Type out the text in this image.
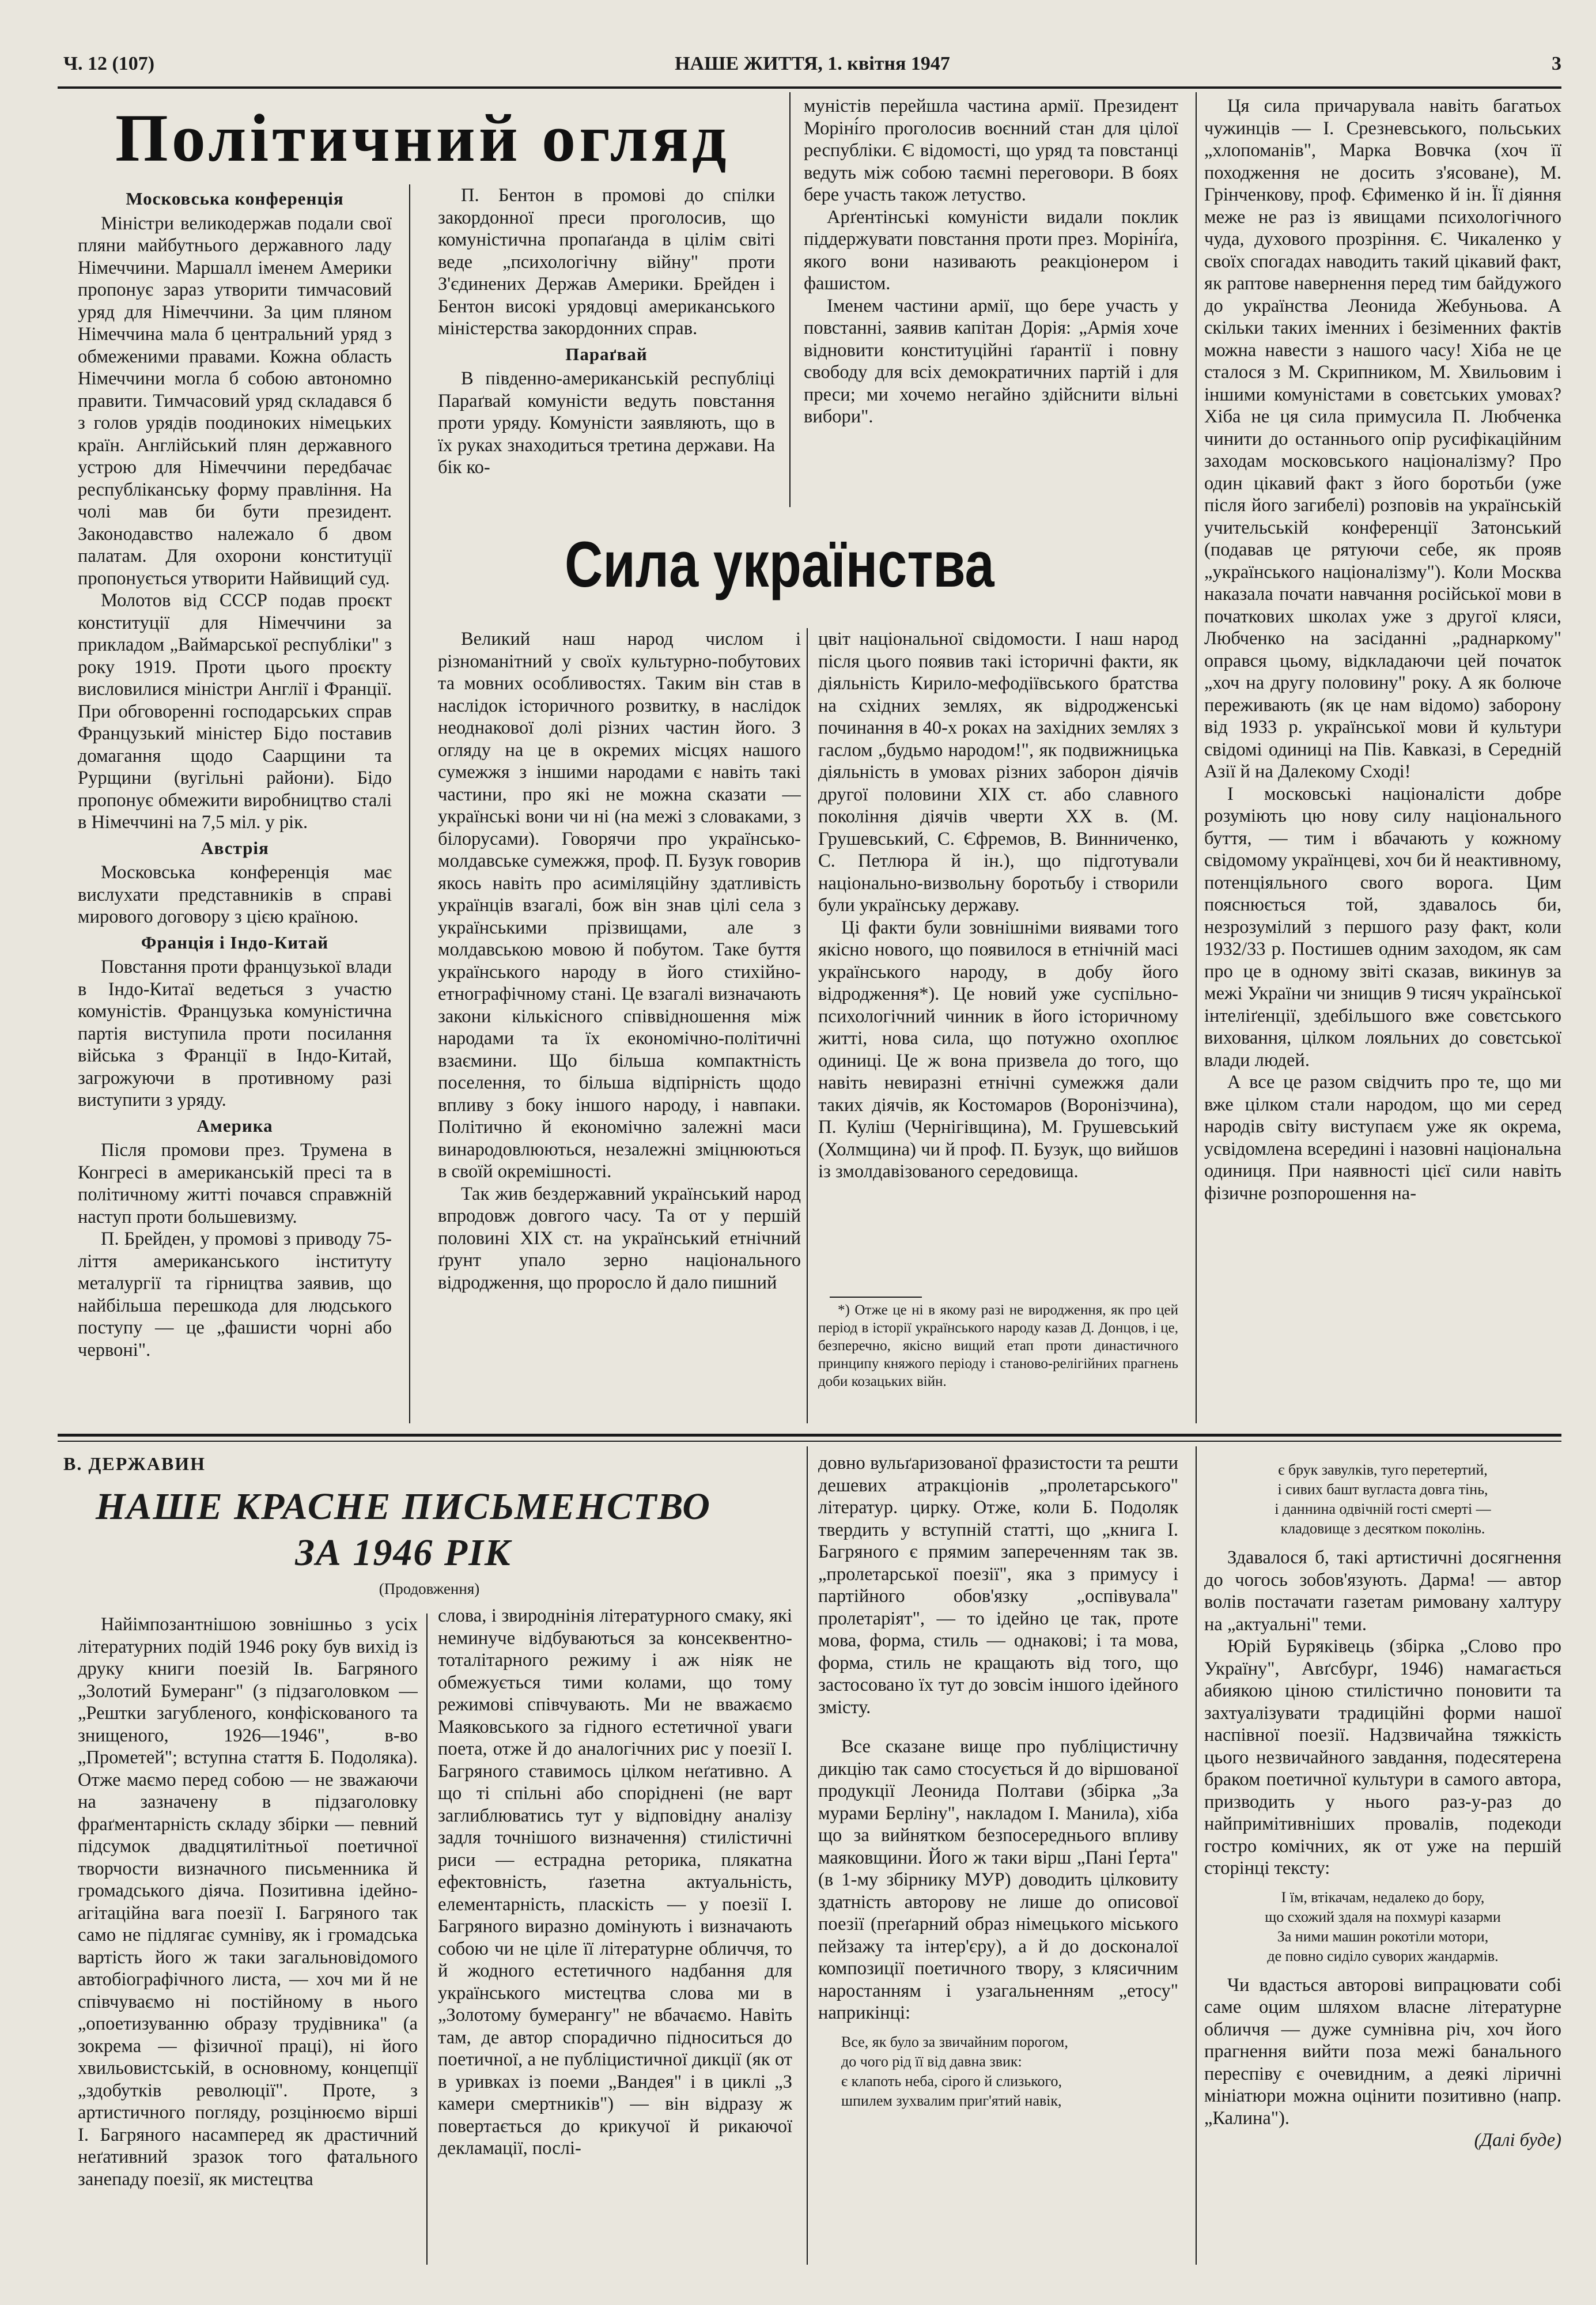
Ч. 12 (107)	НАШЕ ЖИТТЯ, 1. квітня 1947	3
Політичний огляд
Московська конференція

Міністри великодержав подали свої пляни майбутнього державного ладу Німеччини. Маршалл іменем Америки пропонує зараз утворити тимчасовий уряд для Німеччини. За цим пляном Німеччина мала б центральний уряд з обмеженими правами. Кожна область Німеччини могла б собою автономно правити. Тимчасовий уряд складався б з голов урядів поодиноких німецьких країн. Англійський плян державного устрою для Німеччини передбачає республіканську форму правління. На чолі мав би бути президент. Законодавство належало б двом палатам. Для охорони конституції пропонується утворити Найвищий суд.

Молотов від СССР подав проєкт конституції для Німеччини за прикладом „Ваймарської республіки" з року 1919. Проти цього проєкту висловилися міністри Англії і Франції. При обговоренні господарських справ Французький міністер Бідо поставив домагання щодо Саарщини та Рурщини (вугільні райони). Бідо пропонує обмежити виробництво сталі в Німеччині на 7,5 міл. у рік.

Австрія

Московська конференція має вислухати представників в справі мирового договору з цією країною.

Франція і Індо-Китай

Повстання проти французької влади в Індо-Китаї ведеться з участю комуністів. Французька комуністична партія виступила проти посилання війська з Франції в Індо-Китай, загрожуючи в противному разі виступити з уряду.

Америка

Після промови през. Трумена в Конгресі в американській пресі та в політичному житті почався справжній наступ проти большевизму.

П. Брейден, у промові з приводу 75-ліття американського інституту металургії та гірництва заявив, що найбільша перешкода для людського поступу — це „фашисти чорні або червоні".

П. Бентон в промові до спілки закордонної преси проголосив, що комуністична пропаґанда в цілім світі веде „психологічну війну" проти З'єдинених Держав Америки. Брейден і Бентон високі урядовці американського міністерства закордонних справ.

Параґвай

В південно-американській республіці Параґвай комуністи ведуть повстання проти уряду. Комуністи заявляють, що в їх руках знаходиться третина держави. На бік ко-

муністів перейшла частина армії. Президент Моріні́го проголосив воєнний стан для цілої республіки. Є відомості, що уряд та повстанці ведуть між собою таємні переговори. В боях бере участь також летуство.

Арґентінські комуністи видали поклик піддержувати повстання проти през. Моріні́ґа, якого вони називають реакціонером і фашистом.

Іменем частини армії, що бере участь у повстанні, заявив капітан Дорія: „Армія хоче відновити конституційні ґарантії і повну свободу для всіх демократичних партій і для преси; ми хочемо негайно здійснити вільні вибори".

Сила українства

Великий наш народ числом і різноманітний у своїх культурно-побутових та мовних особливостях. Таким він став в наслідок історичного розвитку, в наслідок неоднакової долі різних частин його. З огляду на це в окремих місцях нашого сумежжя з іншими народами є навіть такі частини, про які не можна сказати — українські вони чи ні (на межі з словаками, з білорусами). Говорячи про українсько-молдавське сумежжя, проф. П. Бузук говорив якось навіть про асиміляційну здатливість українців взагалі, бож він знав цілі села з українськими прізвищами, але з молдавською мовою й побутом. Таке буття українського народу в його стихійно-етнографічному стані. Це взагалі визначають закони кількісного співвідношення між народами та їх економічно-політичні взаємини. Що більша компактність поселення, то більша відпірність щодо впливу з боку іншого народу, і навпаки. Політично й економічно залежні маси винародовлюються, незалежні зміцнюються в своїй окремішності.

Так жив бездержавний український народ впродовж довгого часу. Та от у першій половині XIX ст. на український етнічний ґрунт упало зерно національного відродження, що проросло й дало пишний

цвіт національної свідомости. І наш народ після цього появив такі історичні факти, як діяльність Кирило-мефодіївського братства на східних землях, як відродженські починання в 40-х роках на західних землях з гаслом „будьмо народом!", як подвижницька діяльність в умовах різних заборон діячів другої половини XIX ст. або славного покоління діячів чверти XX в. (М. Грушевський, С. Єфремов, В. Винниченко, С. Петлюра й ін.), що підготували національно-визвольну боротьбу і створили були українську державу.

Ці факти були зовнішніми виявами того якісно нового, що появилося в етнічній масі українського народу, в добу його відродження*). Це новий уже суспільно-психологічний чинник в його історичному житті, нова сила, що потужно охоплює одиниці. Це ж вона призвела до того, що навіть невиразні етнічні сумежжя дали таких діячів, як Костомаров (Воронізчина), П. Куліш (Чернігівщина), М. Грушевський (Холмщина) чи й проф. П. Бузук, що вийшов із змолдавізованого середовища.

*) Отже це ні в якому разі не виродження, як про цей період в історії українського народу казав Д. Донцов, і це, безперечно, якісно вищий етап проти династичного принципу княжого періоду і станово-релігійних прагнень доби козацьких війн.

Ця сила причарувала навіть багатьох чужинців — І. Срезневського, польських „хлопоманів", Марка Вовчка (хоч її походження не досить з'ясоване), М. Грінченкову, проф. Єфименко й ін. Її діяння меже не раз із явищами психологічного чуда, духового прозріння. Є. Чикаленко у своїх спогадах наводить такий цікавий факт, як раптове навернення перед тим байдужого до українства Леонида Жебуньова. А скільки таких іменних і безіменних фактів можна навести з нашого часу! Хіба не це сталося з М. Скрипником, М. Хвильовим і іншими комуністами в совєтських умовах? Хіба не ця сила примусила П. Любченка чинити до останнього опір русифікаційним заходам московського націоналізму? Про один цікавий факт з його боротьби (уже після його загибелі) розповів на українській учительській конференції Затонський (подавав це рятуючи себе, як прояв „українського націоналізму"). Коли Москва наказала почати навчання російської мови в початкових школах уже з другої кляси, Любченко на засіданні „раднаркому" оправся цьому, відкладаючи цей початок „хоч на другу половину" року. А як болюче переживають (як це нам відомо) заборону від 1933 р. української мови й культури свідомі одиниці на Пів. Кавказі, в Середній Азії й на Далекому Сході!

І московські націоналісти добре розуміють цю нову силу національного буття, — тим і вбачають у кожному свідомому українцеві, хоч би й неактивному, потенціяльного свого ворога. Цим пояснюється той, здавалось би, незрозумілий з першого разу факт, коли 1932/33 р. Постишев одним заходом, як сам про це в одному звіті сказав, викинув за межі України чи знищив 9 тисяч української інтеліґенції, здебільшого вже совєтського виховання, цілком лояльних до совєтської влади людей.

А все це разом свідчить про те, що ми вже цілком стали народом, що ми серед народів світу виступаєм уже як окрема, усвідомлена всередині і назовні національна одиниця. При наявності цієї сили навіть фізичне розпорошення на-

В. ДЕРЖАВИН
НАШЕ КРАСНЕ ПИСЬМЕНСТВО
ЗА 1946 РІК
(Продовження)

Найімпозантнішою зовнішньо з усіх літературних подій 1946 року був вихід із друку книги поезій Ів. Багряного „Золотий Бумеранг" (з підзаголовком — „Рештки загубленого, конфіскованого та знищеного, 1926—1946", в-во „Прометей"; вступна стаття Б. Подоляка). Отже маємо перед собою — не зважаючи на зазначену в підзаголовку фраґментарність складу збірки — певний підсумок двадцятилітньої поетичної творчости визначного письменника й громадського діяча. Позитивна ідейно-агітаційна вага поезії І. Багряного так само не підлягає сумніву, як і громадська вартість його ж таки загальновідомого автобіографічного листа, — хоч ми й не співчуваємо ні постійному в нього „опоетизуванню образу трудівника" (а зокрема — фізичної праці), ні його хвильовистській, в основному, концепції „здобутків революції". Проте, з артистичного погляду, розцінюємо вірші І. Багряного насамперед як драстичний неґативний зразок того фатального занепаду поезії, як мистецтва

слова, і звироднінія літературного смаку, які неминуче відбуваються за консеквентно-тоталітарного режиму і аж ніяк не обмежується тими колами, що тому режимові співчувають. Ми не вважаємо Маяковського за гідного естетичної уваги поета, отже й до аналогічних рис у поезії І. Багряного ставимось цілком неґативно. А що ті спільні або споріднені (не варт заглиблюватись тут у відповідну аналізу задля точнішого визначення) стилістичні риси — естрадна реторика, плякатна ефектовність, ґазетна актуальність, елементарність, пласкість — у поезії І. Багряного виразно домінують і визначають собою чи не ціле її літературне обличчя, то й жодного естетичного надбання для українського мистецтва слова ми в „Золотому бумерангу" не вбачаємо. Навіть там, де автор спорадично підноситься до поетичної, а не публіцистичної дикції (як от в уривках із поеми „Вандея" і в циклі „З камери смертників") — він відразу ж повертається до крикучої й рикаючої декламації, послі-

довно вульґаризованої фразистости та решти дешевих атракціонів „пролетарського" літератур. цирку. Отже, коли Б. Подоляк твердить у вступній статті, що „книга І. Багряного є прямим запереченням так зв. „пролетарської поезії", яка з примусу і партійного обов'язку „оспівувала" пролетаріят", — то ідейно це так, проте мова, форма, стиль — однакові; і та мова, форма, стиль не кращають від того, що застосовано їх тут до зовсім іншого ідейного змісту.

Все сказане вище про публіцистичну дикцію так само стосується й до віршованої продукції Леонида Полтави (збірка „За мурами Берліну", накладом І. Манила), хіба що за вийнятком безпосереднього впливу маяковщини. Його ж таки вірш „Пані Ґерта" (в 1-му збірнику МУР) доводить цілковиту здатність авторову не лише до описової поезії (преґарний образ німецького міського пейзажу та інтер'єру), а й до досконалої композиції поетичного твору, з клясичним наростанням і узагальненням „етосу" наприкінці:

Все, як було за звичайним порогом,
до чого рід її від давна звик:
є клапоть неба, сірого й слизького,
шпилем зухвалим приг'ятий навік,
є брук завулків, туго перетертий,
і сивих башт вугласта довга тінь,
і даннина одвічній гості смерті —
кладовище з десятком поколінь.

Здавалося б, такі артистичні досягнення до чогось зобов'язують. Дарма! — автор волів постачати газетам римовану халтуру на „актуальні" теми.

Юрій Буряківець (збірка „Слово про Україну", Авґсбурґ, 1946) намагається абиякою ціною стилістично поновити та захтуалізувати традиційні форми нашої наспівної поезії. Надзвичайна тяжкість цього незвичайного завдання, подесятерена браком поетичної культури в самого автора, призводить у нього раз-у-раз до найпримітивніших провалів, подекоди гостро комічних, як от уже на першій сторінці тексту:

І їм, втікачам, недалеко до бору,
що схожий здаля на похмурі казарми
За ними машин рокотіли мотори,
де повно сиділо суворих жандармів.

Чи вдасться авторові випрацювати собі саме оцим шляхом власне літературне обличчя — дуже сумнівна річ, хоч його прагнення вийти поза межі банального переспіву є очевидним, а деякі ліричні мініатюри можна оцінити позитивно (напр. „Калина").

(Далі буде)
